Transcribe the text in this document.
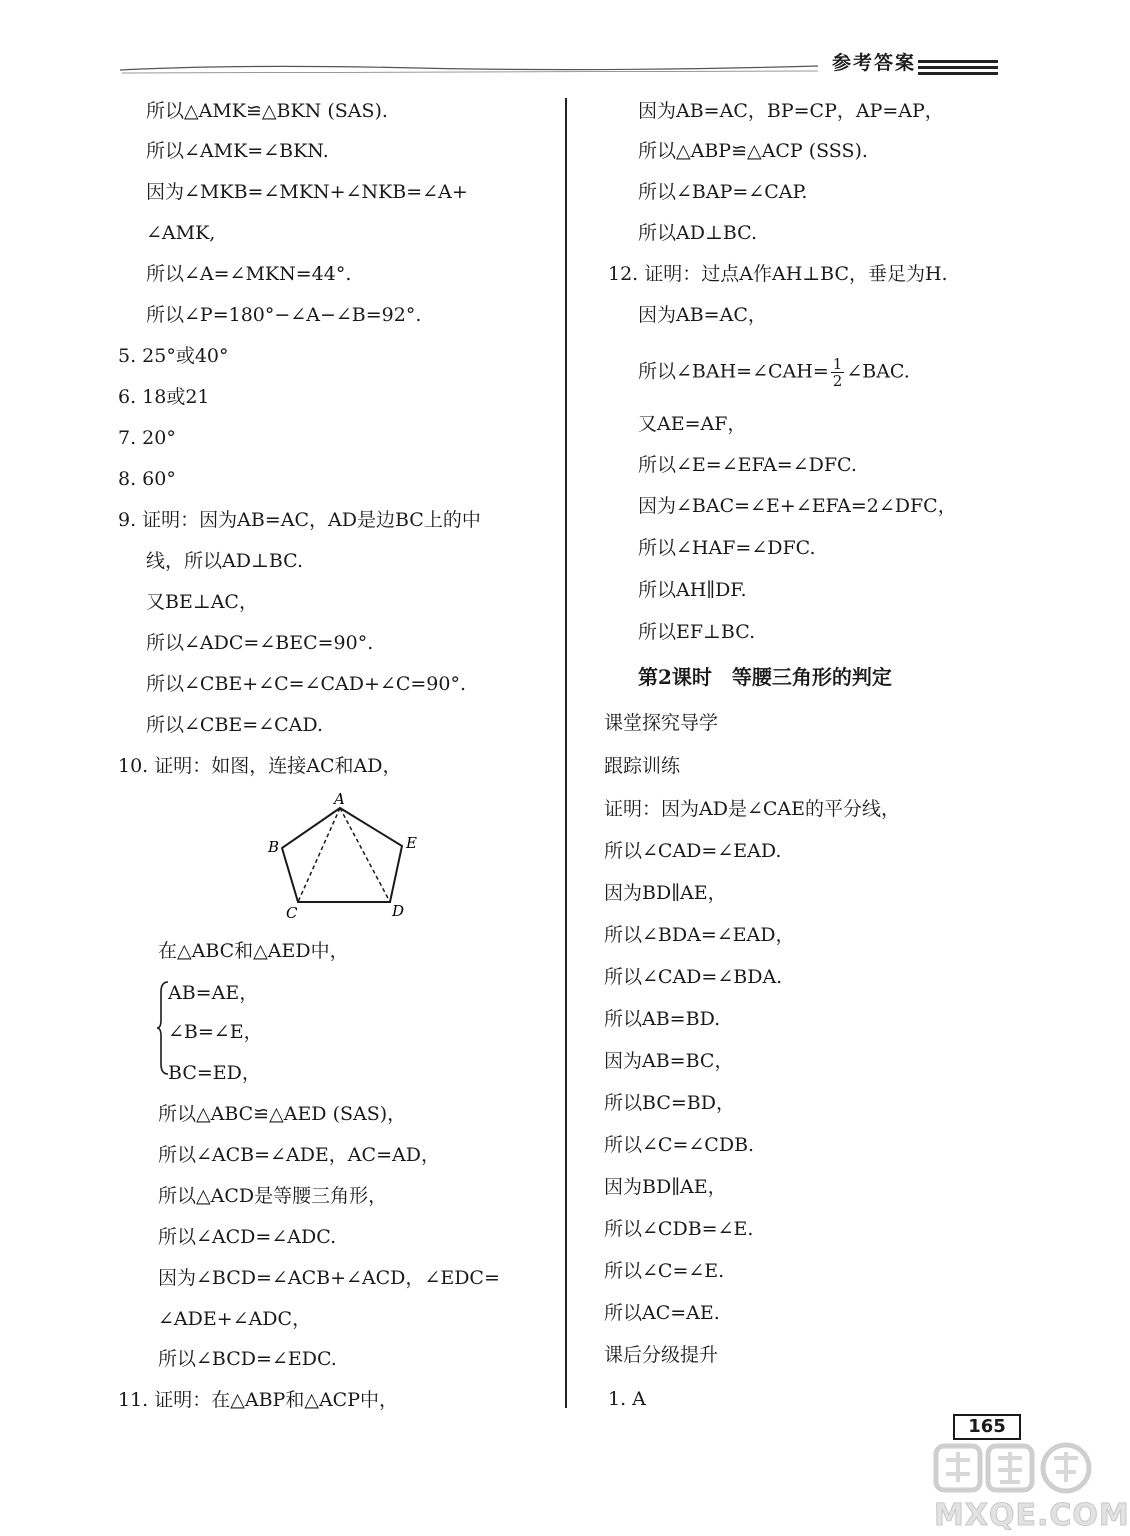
参考答案
所以△AMK≌△BKN (SAS).
所以∠AMK=∠BKN.
因为∠MKB=∠MKN+∠NKB=∠A+
∠AMK,
所以∠A=∠MKN=44°.
所以∠P=180°−∠A−∠B=92°.
5. 25°或40°
6. 18或21
7. 20°
8. 60°
9. 证明：因为AB=AC，AD是边BC上的中
线，所以AD⊥BC.
又BE⊥AC，
所以∠ADC=∠BEC=90°.
所以∠CBE+∠C=∠CAD+∠C=90°.
所以∠CBE=∠CAD.
10. 证明：如图，连接AC和AD，
A
B	E
C	D
在△ABC和△AED中，
AB=AE，
∠B=∠E，
BC=ED，
所以△ABC≌△AED (SAS)，
所以∠ACB=∠ADE，AC=AD，
所以△ACD是等腰三角形，
所以∠ACD=∠ADC.
因为∠BCD=∠ACB+∠ACD，∠EDC=
∠ADE+∠ADC，
所以∠BCD=∠EDC.
11. 证明：在△ABP和△ACP中，
因为AB=AC，BP=CP，AP=AP，
所以△ABP≌△ACP (SSS).
所以∠BAP=∠CAP.
所以AD⊥BC.
12. 证明：过点A作AH⊥BC，垂足为H.
因为AB=AC，
所以∠BAH=∠CAH= $\frac{1}{2}$ ∠BAC.
又AE=AF，
所以∠E=∠EFA=∠DFC.
因为∠BAC=∠E+∠EFA=2∠DFC，
所以∠HAF=∠DFC.
所以AH∥DF.
所以EF⊥BC.
第2课时　等腰三角形的判定
课堂探究导学
跟踪训练
证明：因为AD是∠CAE的平分线，
所以∠CAD=∠EAD.
因为BD∥AE，
所以∠BDA=∠EAD，
所以∠CAD=∠BDA.
所以AB=BD.
因为AB=BC，
所以BC=BD，
所以∠C=∠CDB.
因为BD∥AE，
所以∠CDB=∠E.
所以∠C=∠E.
所以AC=AE.
课后分级提升
1. A
165
MXQE.COM
